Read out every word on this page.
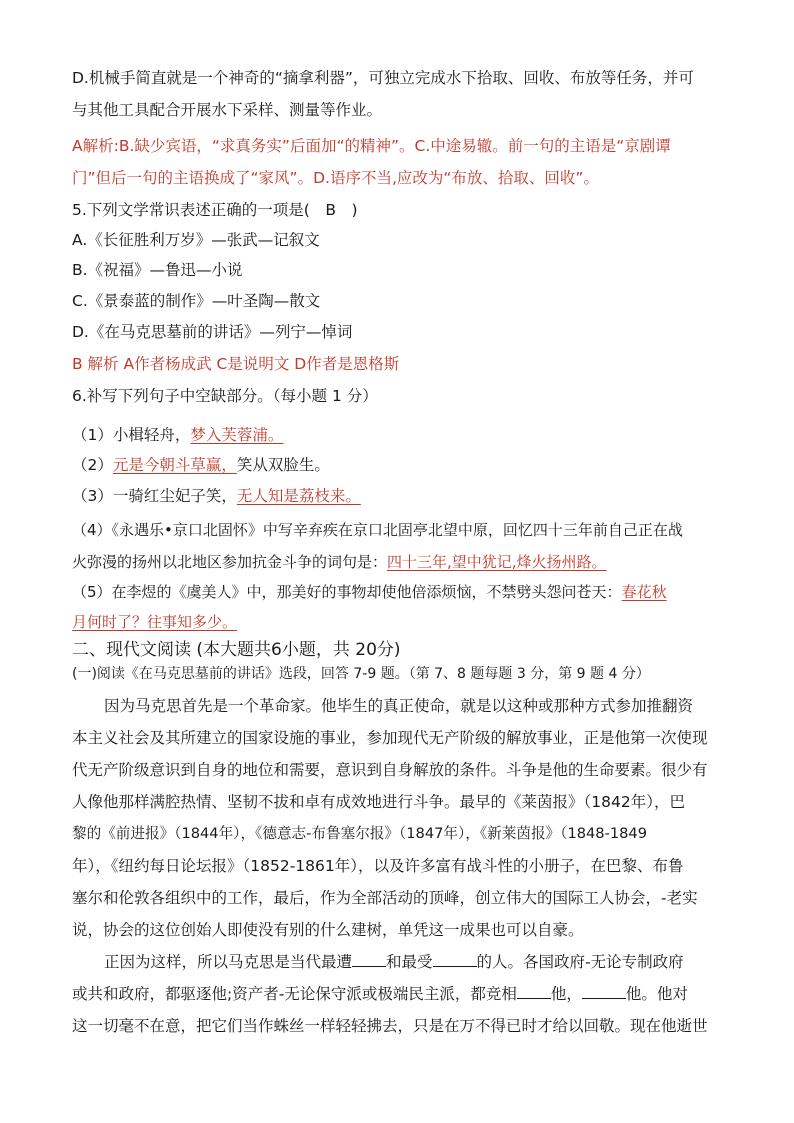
D.机械手简直就是一个神奇的“摘拿利器”，可独立完成水下拾取、回收、布放等任务，并可
与其他工具配合开展水下采样、测量等作业。
A解析:B.缺少宾语，“求真务实”后面加“的精神”。C.中途易辙。前一句的主语是“京剧谭
门”但后一句的主语换成了“家风”。D.语序不当,应改为“布放、拾取、回收”。
5.下列文学常识表述正确的一项是(　B　)
A.《长征胜利万岁》—张武—记叙文
B.《祝福》—鲁迅—小说
C.《景泰蓝的制作》—叶圣陶—散文
D.《在马克思墓前的讲话》—列宁—悼词
B 解析 A作者杨成武 C是说明文 D作者是恩格斯
6.补写下列句子中空缺部分。（每小题 1 分）
（1）小楫轻舟，梦入芙蓉浦。
（2）元是今朝斗草赢，笑从双脸生。
（3）一骑红尘妃子笑，无人知是荔枝来。
（4）《永遇乐•京口北固怀》中写辛弃疾在京口北固亭北望中原，回忆四十三年前自己正在战
火弥漫的扬州以北地区参加抗金斗争的词句是：四十三年,望中犹记,烽火扬州路。
（5）在李煜的《虞美人》中，那美好的事物却使他倍添烦恼，不禁劈头怨问苍天：春花秋
月何时了？往事知多少。
二、现代文阅读 (本大题共6小题，共 20分)
(一)阅读《在马克思墓前的讲话》选段，回答 7-9 题。（第 7、8 题每题 3 分，第 9 题 4 分）
因为马克思首先是一个革命家。他毕生的真正使命，就是以这种或那种方式参加推翻资
本主义社会及其所建立的国家设施的事业，参加现代无产阶级的解放事业，正是他第一次使现
代无产阶级意识到自身的地位和需要，意识到自身解放的条件。斗争是他的生命要素。很少有
人像他那样满腔热情、坚韧不拔和卓有成效地进行斗争。最早的《莱茵报》（1842年），巴
黎的《前进报》（1844年），《德意志-布鲁塞尔报》（1847年），《新莱茵报》（1848-1849
年），《纽约每日论坛报》（1852-1861年），以及许多富有战斗性的小册子，在巴黎、布鲁
塞尔和伦敦各组织中的工作，最后，作为全部活动的顶峰，创立伟大的国际工人协会，-老实
说，协会的这位创始人即使没有别的什么建树，单凭这一成果也可以自豪。
正因为这样，所以马克思是当代最遭 和最受	的人。各国政府-无论专制政府
或共和政府，都驱逐他;资产者-无论保守派或极端民主派，都竞相 他，	他。他对
这一切毫不在意，把它们当作蛛丝一样轻轻拂去，只是在万不得已时才给以回敬。现在他逝世
